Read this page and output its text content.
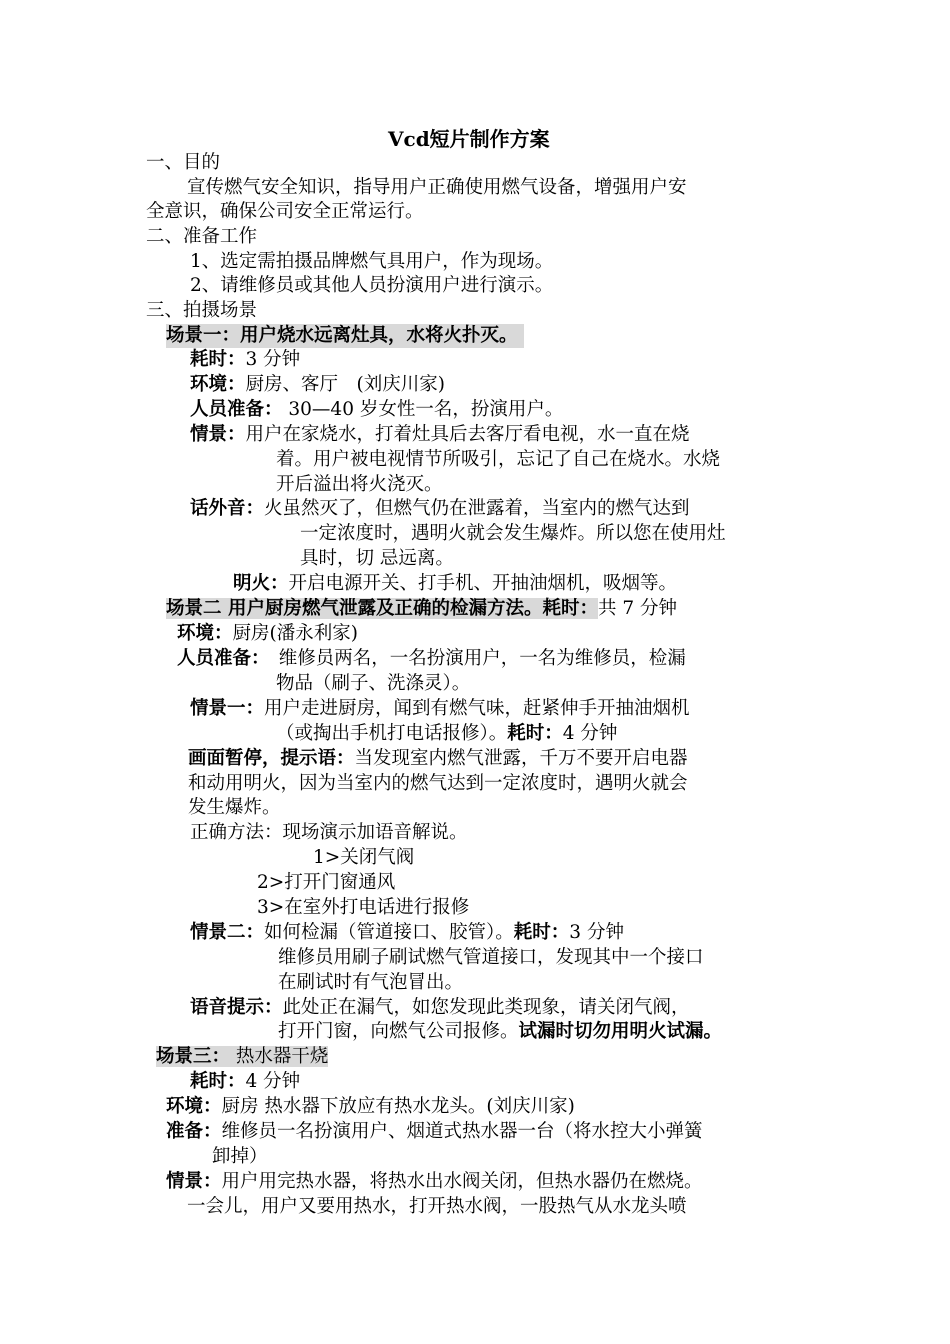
Vcd短片制作方案
一、目的
宣传燃气安全知识，指导用户正确使用燃气设备，增强用户安
全意识，确保公司安全正常运行。
二、准备工作
1、选定需拍摄品牌燃气具用户，作为现场。
2、请维修员或其他人员扮演用户进行演示。
三、拍摄场景
场景一：用户烧水远离灶具，水将火扑灭。
耗时：3 分钟
环境：厨房、客厅　(刘庆川家)
人员准备： 30—40 岁女性一名，扮演用户。
情景：用户在家烧水，打着灶具后去客厅看电视，水一直在烧
着。用户被电视情节所吸引，忘记了自己在烧水。水烧
开后溢出将火浇灭。
话外音：火虽然灭了，但燃气仍在泄露着，当室内的燃气达到
一定浓度时，遇明火就会发生爆炸。所以您在使用灶
具时，切 忌远离。
明火：开启电源开关、打手机、开抽油烟机，吸烟等。
场景二 用户厨房燃气泄露及正确的检漏方法。耗时：共 7 分钟
环境：厨房(潘永利家)
人员准备：　维修员两名，一名扮演用户，一名为维修员，检漏
物品（刷子、洗涤灵）。
情景一：用户走进厨房，闻到有燃气味，赶紧伸手开抽油烟机
（或掏出手机打电话报修）。耗时：4 分钟
画面暂停，提示语：当发现室内燃气泄露，千万不要开启电器
和动用明火，因为当室内的燃气达到一定浓度时，遇明火就会
发生爆炸。
正确方法：现场演示加语音解说。
1>关闭气阀
2>打开门窗通风
3>在室外打电话进行报修
情景二：如何检漏（管道接口、胶管）。耗时：3 分钟
维修员用刷子刷试燃气管道接口，发现其中一个接口
在刷试时有气泡冒出。
语音提示：此处正在漏气，如您发现此类现象，请关闭气阀，
打开门窗，向燃气公司报修。试漏时切勿用明火试漏。
场景三： 热水器干烧
耗时：4 分钟
环境：厨房 热水器下放应有热水龙头。(刘庆川家)
准备：维修员一名扮演用户、烟道式热水器一台（将水控大小弹簧
卸掉）
情景：用户用完热水器，将热水出水阀关闭，但热水器仍在燃烧。
一会儿，用户又要用热水，打开热水阀，一股热气从水龙头喷
